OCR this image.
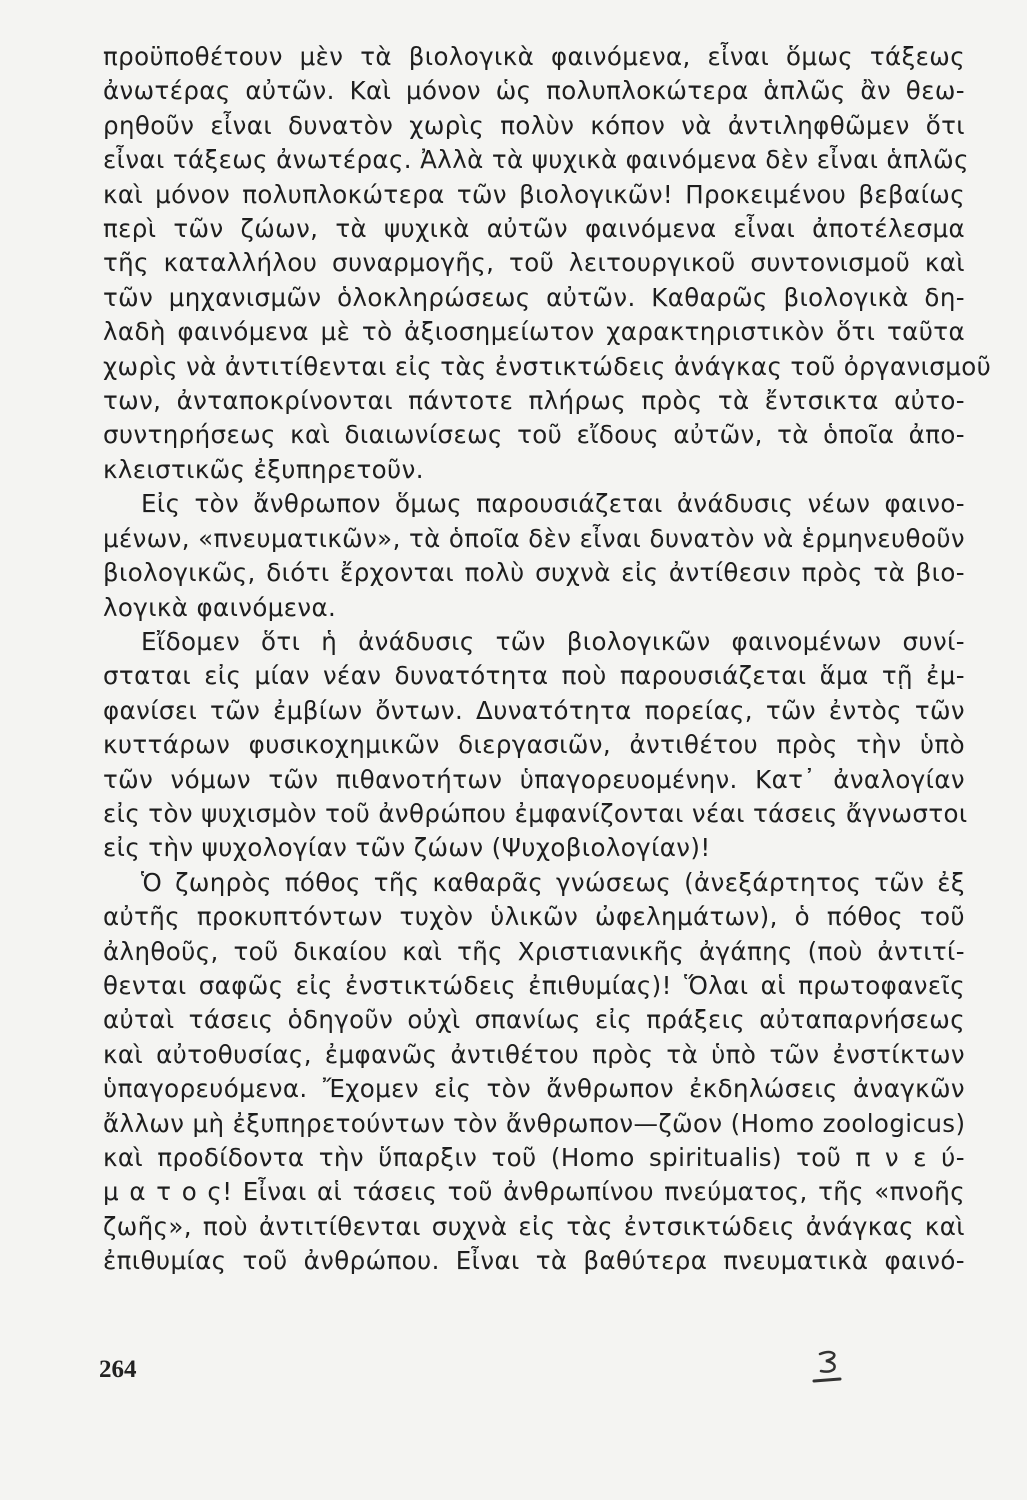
προϋποθέτουν μὲν τὰ βιολογικὰ φαινόμενα, εἶναι ὅμως τάξεως
ἀνωτέρας αὐτῶν. Καὶ μόνον ὡς πολυπλοκώτερα ἁπλῶς ἂν θεω-
ρηθοῦν εἶναι δυνατὸν χωρὶς πολὺν κόπον νὰ ἀντιληφθῶμεν ὅτι
εἶναι τάξεως ἀνωτέρας. Ἀλλὰ τὰ ψυχικὰ φαινόμενα δὲν εἶναι ἁπλῶς
καὶ μόνον πολυπλοκώτερα τῶν βιολογικῶν! Προκειμένου βεβαίως
περὶ τῶν ζώων, τὰ ψυχικὰ αὐτῶν φαινόμενα εἶναι ἀποτέλεσμα
τῆς καταλλήλου συναρμογῆς, τοῦ λειτουργικοῦ συντονισμοῦ καὶ
τῶν μηχανισμῶν ὁλοκληρώσεως αὐτῶν. Καθαρῶς βιολογικὰ δη-
λαδὴ φαινόμενα μὲ τὸ ἀξιοσημείωτον χαρακτηριστικὸν ὅτι ταῦτα
χωρὶς νὰ ἀντιτίθενται εἰς τὰς ἐνστικτώδεις ἀνάγκας τοῦ ὀργανισμοῦ
των, ἀνταποκρίνονται πάντοτε πλήρως πρὸς τὰ ἔντσικτα αὐτο-
συντηρήσεως καὶ διαιωνίσεως τοῦ εἴδους αὐτῶν, τὰ ὁποῖα ἀπο-
κλειστικῶς ἐξυπηρετοῦν.
Εἰς τὸν ἄνθρωπον ὅμως παρουσιάζεται ἀνάδυσις νέων φαινο-
μένων, «πνευματικῶν», τὰ ὁποῖα δὲν εἶναι δυνατὸν νὰ ἑρμηνευθοῦν
βιολογικῶς, διότι ἔρχονται πολὺ συχνὰ εἰς ἀντίθεσιν πρὸς τὰ βιο-
λογικὰ φαινόμενα.
Εἴδομεν ὅτι ἡ ἀνάδυσις τῶν βιολογικῶν φαινομένων συνί-
σταται εἰς μίαν νέαν δυνατότητα ποὺ παρουσιάζεται ἅμα τῇ ἐμ-
φανίσει τῶν ἐμβίων ὄντων. Δυνατότητα πορείας, τῶν ἐντὸς τῶν
κυττάρων φυσικοχημικῶν διεργασιῶν, ἀντιθέτου πρὸς τὴν ὑπὸ
τῶν νόμων τῶν πιθανοτήτων ὑπαγορευομένην. Κατ᾽ ἀναλογίαν
εἰς τὸν ψυχισμὸν τοῦ ἀνθρώπου ἐμφανίζονται νέαι τάσεις ἄγνωστοι
εἰς τὴν ψυχολογίαν τῶν ζώων (Ψυχοβιολογίαν)!
Ὁ ζωηρὸς πόθος τῆς καθαρᾶς γνώσεως (ἀνεξάρτητος τῶν ἐξ
αὐτῆς προκυπτόντων τυχὸν ὑλικῶν ὠφελημάτων), ὁ πόθος τοῦ
ἀληθοῦς, τοῦ δικαίου καὶ τῆς Χριστιανικῆς ἀγάπης (ποὺ ἀντιτί-
θενται σαφῶς εἰς ἐνστικτώδεις ἐπιθυμίας)! Ὅλαι αἱ πρωτοφανεῖς
αὐταὶ τάσεις ὁδηγοῦν οὐχὶ σπανίως εἰς πράξεις αὐταπαρνήσεως
καὶ αὐτοθυσίας, ἐμφανῶς ἀντιθέτου πρὸς τὰ ὑπὸ τῶν ἐνστίκτων
ὑπαγορευόμενα. Ἔχομεν εἰς τὸν ἄνθρωπον ἐκδηλώσεις ἀναγκῶν
ἄλλων μὴ ἐξυπηρετούντων τὸν ἄνθρωπον—ζῶον (Homo zoologicus)
καὶ προδίδοντα τὴν ὕπαρξιν τοῦ (Homo spiritualis) τοῦ π ν ε ύ-
μ α τ ο ς! Εἶναι αἱ τάσεις τοῦ ἀνθρωπίνου πνεύματος, τῆς «πνοῆς
ζωῆς», ποὺ ἀντιτίθενται συχνὰ εἰς τὰς ἐντσικτώδεις ἀνάγκας καὶ
ἐπιθυμίας τοῦ ἀνθρώπου. Εἶναι τὰ βαθύτερα πνευματικὰ φαινό-
264
